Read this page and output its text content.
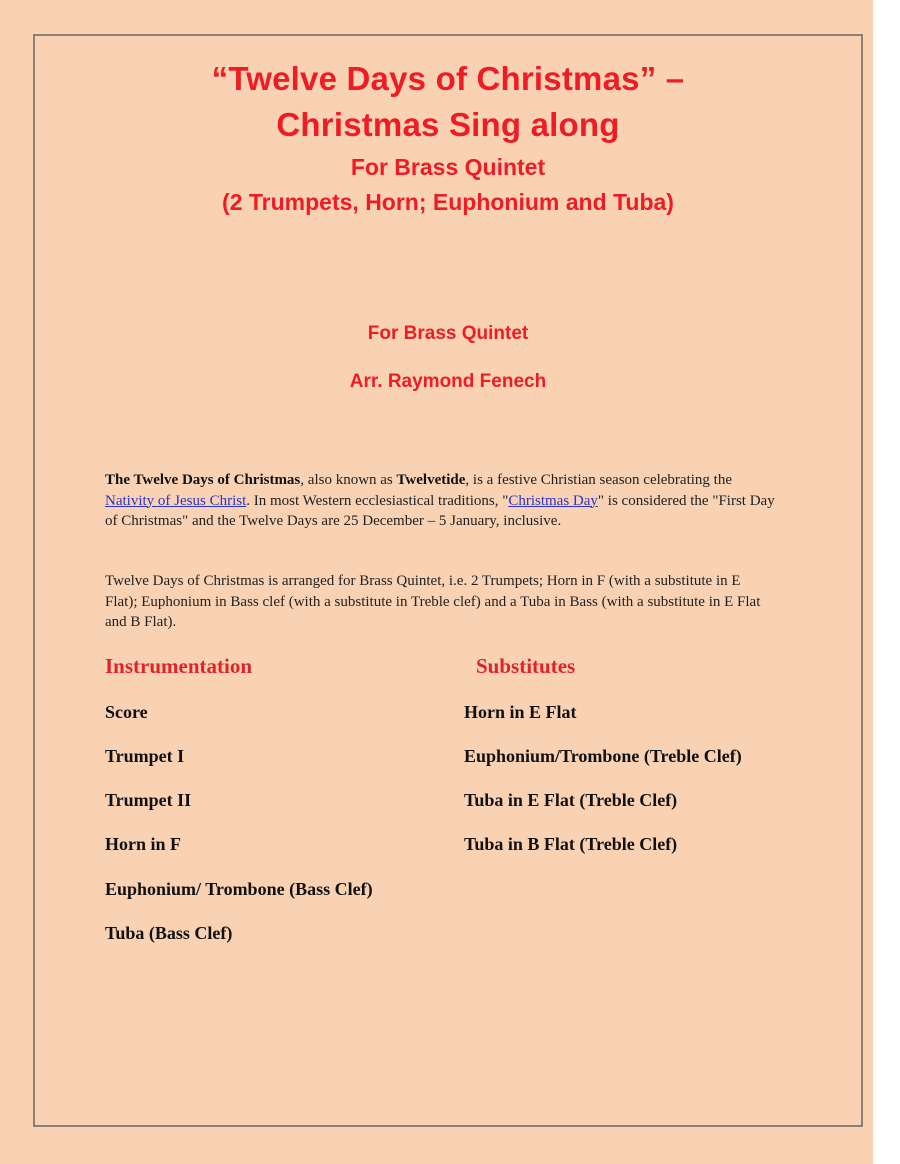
“Twelve Days of Christmas” –
Christmas Sing along
For Brass Quintet
(2 Trumpets, Horn; Euphonium and Tuba)
For Brass Quintet
Arr. Raymond Fenech
The Twelve Days of Christmas, also known as Twelvetide, is a festive Christian season celebrating the Nativity of Jesus Christ. In most Western ecclesiastical traditions, "Christmas Day" is considered the "First Day of Christmas" and the Twelve Days are 25 December – 5 January, inclusive.
Twelve Days of Christmas is arranged for Brass Quintet, i.e. 2 Trumpets; Horn in F (with a substitute in E Flat); Euphonium in Bass clef (with a substitute in Treble clef) and a Tuba in Bass (with a substitute in E Flat and B Flat).
Instrumentation	Substitutes
Score
Trumpet I
Trumpet II
Horn in F
Euphonium/ Trombone (Bass Clef)
Tuba (Bass Clef)
Horn in E Flat
Euphonium/Trombone (Treble Clef)
Tuba in E Flat (Treble Clef)
Tuba in B Flat (Treble Clef)
